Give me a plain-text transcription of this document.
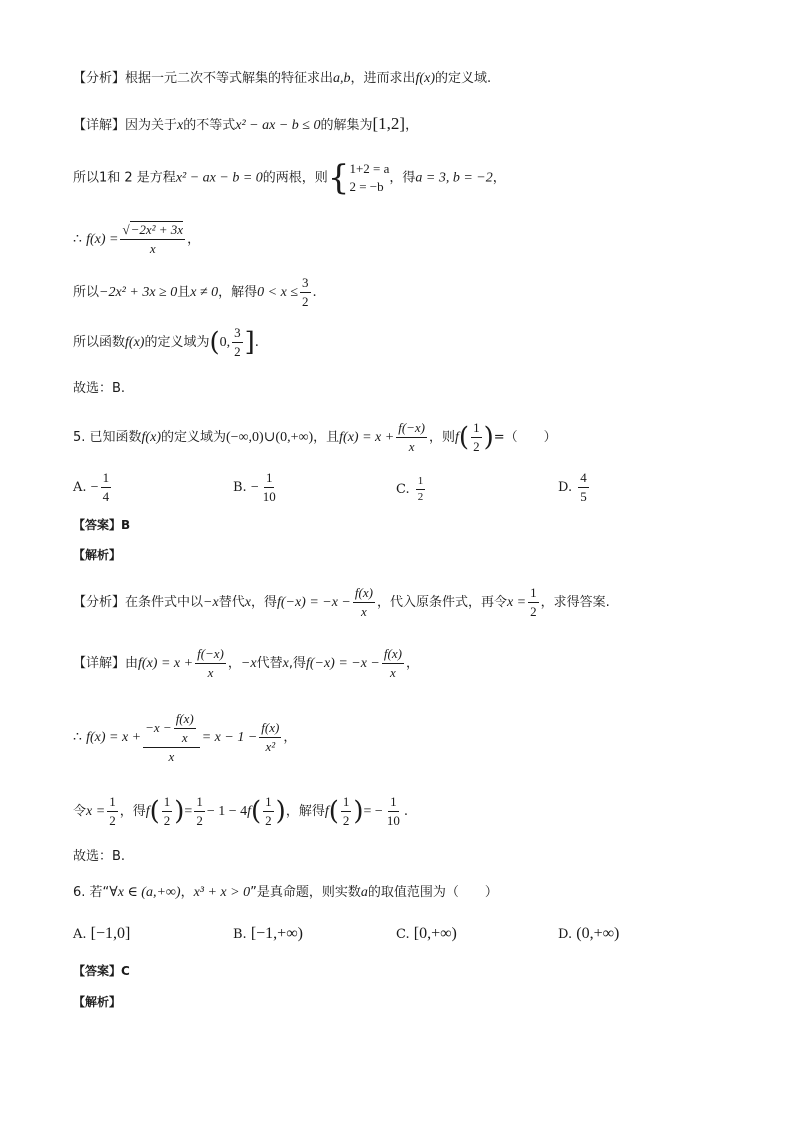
【分析】根据一元二次不等式解集的特征求出a,b，进而求出f(x)的定义域.
【详解】因为关于x的不等式x² − ax − b ≤ 0的解集为[1,2]，
所以1和 2 是方程x² − ax − b = 0的两根，则{ 1+2 = a
2 = −b
，得a = 3, b = −2，
∴ $f(x) = \frac{\text{√−2x² + 3x}}{x}$ ，
所以−2x² + 3x ≥ 0且x ≠ 0，解得$0 < x \le \frac{3}{2}$ .
所以函数f(x)的定义域为(0, $\frac{3}{2}$ ].
故选：B.
5. 已知函数f(x)的定义域为(−∞,0)∪(0,+∞)，且$f(x) = x + \frac{f(-x)}{x}$ ，则$f( \frac{1}{2}$ )=（　　）
A. − $\frac{1}{4}$	B. − $\frac{1}{10}$	C. $\frac{1}{2}$	D. $\frac{4}{5}$
【答案】B
【解析】
【分析】在条件式中以−x替代x，得$f(-x) = -x - \frac{f(x)}{x}$ ，代入原条件式，再令$x = \frac{1}{2}$ ，求得答案.
【详解】由$f(x) = x + \frac{f(-x)}{x}$ ，−x代替x,得$f(-x) = -x - \frac{f(x)}{x}$ ，
∴ $f(x) = x + \frac{-x - \frac{f(x)}{x}}{x} = x - 1 - \frac{f(x)}{\text{x²}}$ ，
令$x = \frac{1}{2}$ ，得$f( \frac{1}{2}$ )= $\frac{1}{2} - 1 - 4f( \frac{1}{2}$ )，解得$f( \frac{1}{2}$ )= − $\frac{1}{10}$ .
故选：B.
6. 若“∀x ∈ (a,+∞)，x³ + x > 0”是真命题，则实数a的取值范围为（　　）
A. [−1,0]	B. [−1,+∞)	C. [0,+∞)	D. (0,+∞)
【答案】C
【解析】
